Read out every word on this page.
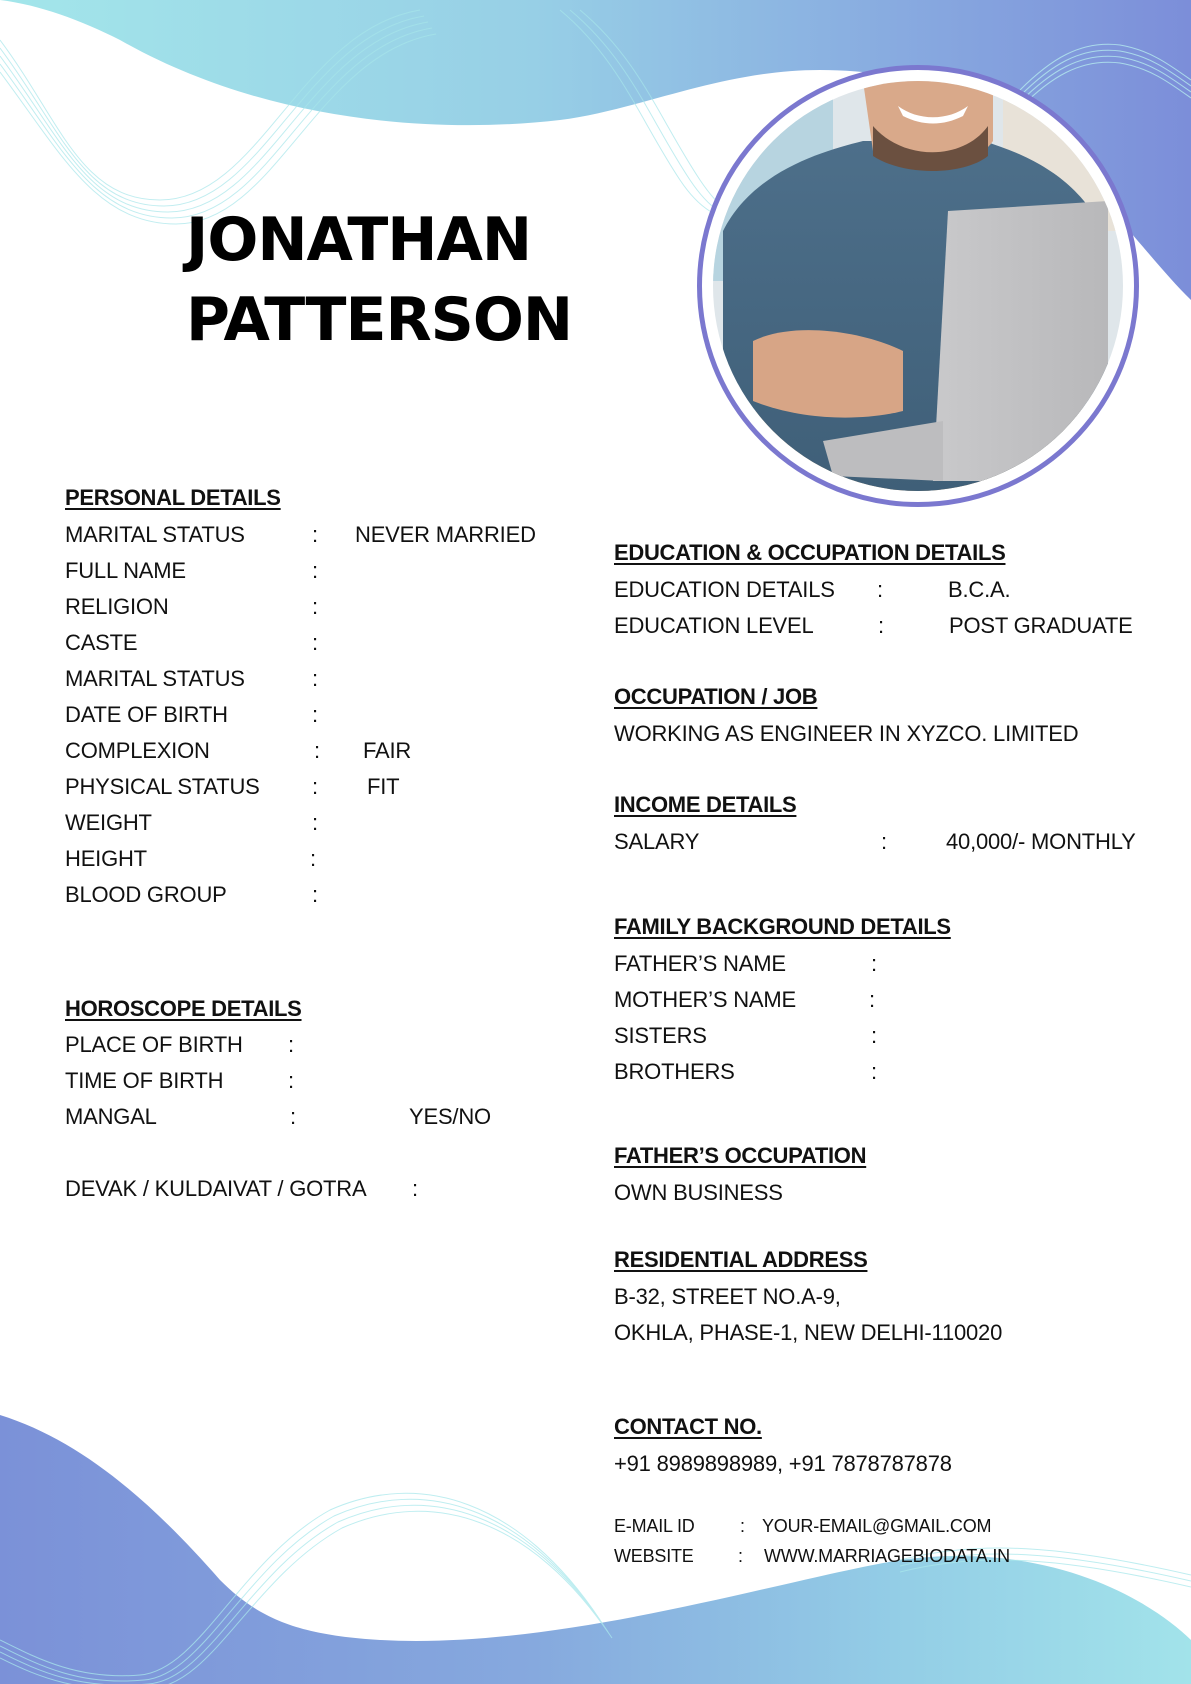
JONATHAN
PATTERSON
PERSONAL DETAILS
MARITAL STATUS	: NEVER MARRIED
FULL NAME	:
RELIGION	:
CASTE	:
MARITAL STATUS	:
DATE OF BIRTH	:
COMPLEXION	: FAIR
PHYSICAL STATUS : FIT
WEIGHT	:
HEIGHT	:
BLOOD GROUP	:
HOROSCOPE DETAILS
PLACE OF BIRTH :
TIME OF BIRTH	:
MANGAL	:	YES/NO
DEVAK / KULDAIVAT / GOTRA :
EDUCATION & OCCUPATION DETAILS
EDUCATION DETAILS :	B.C.A.
EDUCATION LEVEL	:	POST GRADUATE
OCCUPATION / JOB
WORKING AS ENGINEER IN XYZCO. LIMITED
INCOME DETAILS
SALARY	:	40,000/- MONTHLY
FAMILY BACKGROUND DETAILS
FATHER’S NAME	:
MOTHER’S NAME	:
SISTERS	:
BROTHERS	:
FATHER’S OCCUPATION
OWN BUSINESS
RESIDENTIAL ADDRESS
B-32, STREET NO.A-9,
OKHLA, PHASE-1, NEW DELHI-110020
CONTACT NO.
+91 8989898989, +91 7878787878
E-MAIL ID	: YOUR-EMAIL@GMAIL.COM
WEBSITE : WWW.MARRIAGEBIODATA.IN
